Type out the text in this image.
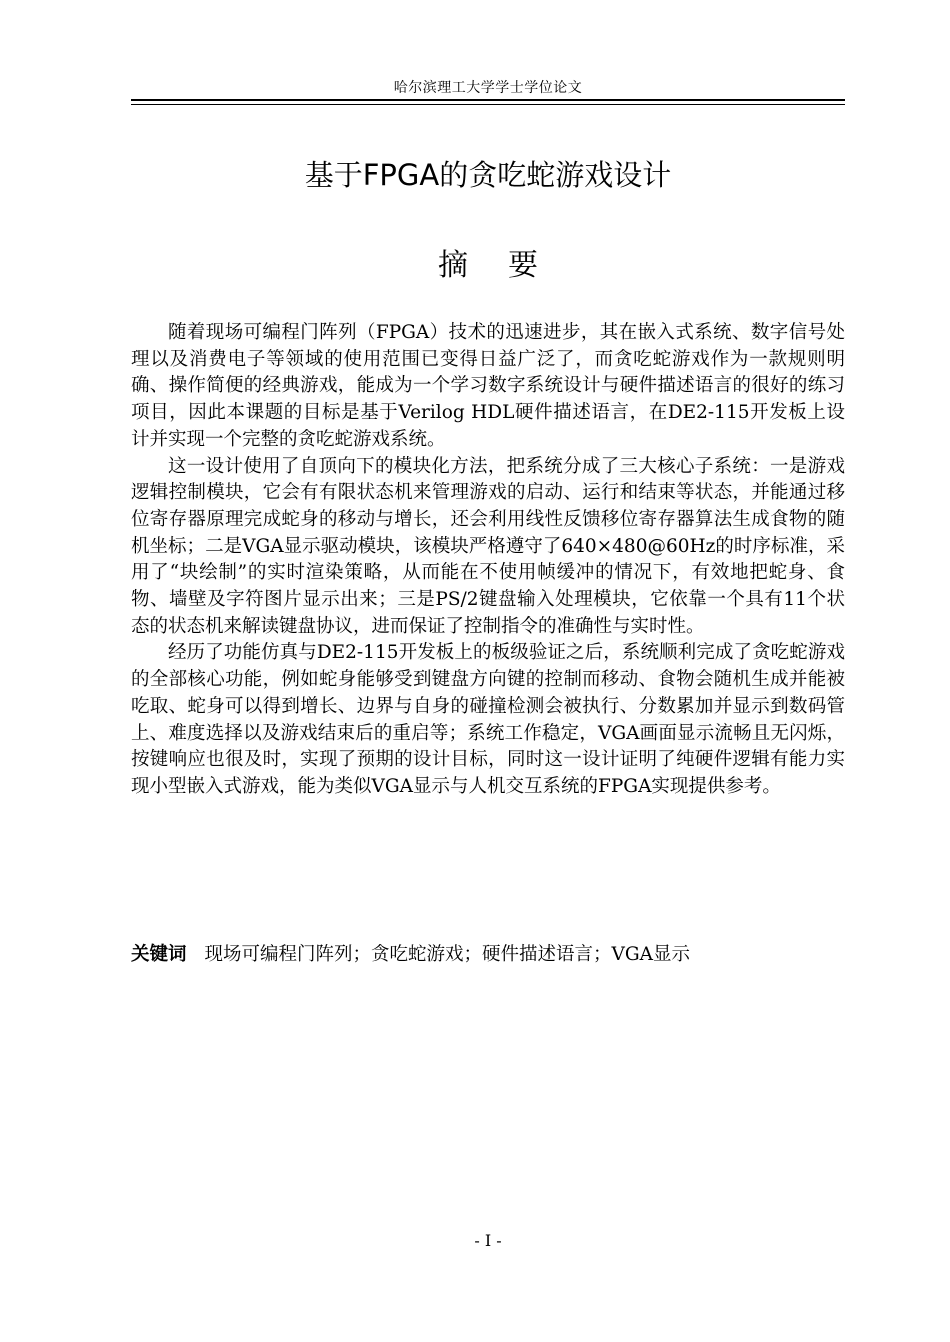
哈尔滨理工大学学士学位论文
基于FPGA的贪吃蛇游戏设计
摘 要

随着现场可编程门阵列（FPGA）技术的迅速进步，其在嵌入式系统、数字信号处理以及消费电子等领域的使用范围已变得日益广泛了，而贪吃蛇游戏作为一款规则明确、操作简便的经典游戏，能成为一个学习数字系统设计与硬件描述语言的很好的练习项目，因此本课题的目标是基于Verilog HDL硬件描述语言，在DE2-115开发板上设计并实现一个完整的贪吃蛇游戏系统。

这一设计使用了自顶向下的模块化方法，把系统分成了三大核心子系统：一是游戏逻辑控制模块，它会有有限状态机来管理游戏的启动、运行和结束等状态，并能通过移位寄存器原理完成蛇身的移动与增长，还会利用线性反馈移位寄存器算法生成食物的随机坐标；二是VGA显示驱动模块，该模块严格遵守了640×480@60Hz的时序标准，采用了“块绘制”的实时渲染策略，从而能在不使用帧缓冲的情况下，有效地把蛇身、食物、墙壁及字符图片显示出来；三是PS/2键盘输入处理模块，它依靠一个具有11个状态的状态机来解读键盘协议，进而保证了控制指令的准确性与实时性。

经历了功能仿真与DE2-115开发板上的板级验证之后，系统顺利完成了贪吃蛇游戏的全部核心功能，例如蛇身能够受到键盘方向键的控制而移动、食物会随机生成并能被吃取、蛇身可以得到增长、边界与自身的碰撞检测会被执行、分数累加并显示到数码管上、难度选择以及游戏结束后的重启等；系统工作稳定，VGA画面显示流畅且无闪烁，按键响应也很及时，实现了预期的设计目标，同时这一设计证明了纯硬件逻辑有能力实现小型嵌入式游戏，能为类似VGA显示与人机交互系统的FPGA实现提供参考。

关键词 现场可编程门阵列；贪吃蛇游戏；硬件描述语言；VGA显示
- I -
